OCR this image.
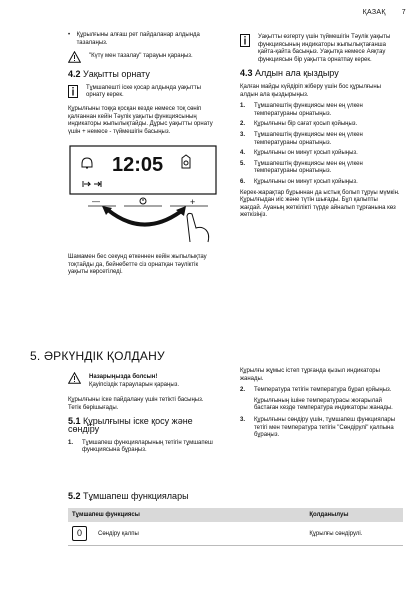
ҚАЗАҚ 7
• Құрылғыны алғаш рет пайдаланар алдында тазалаңыз.
"Күтү мен тазалау" тарауын қараңыз.
4.2 Уақытты орнату
Тұмшапешті іске қосар алдында уақытты орнату керек.

Құрылғыны тоққа қосқан кезде немесе тоқ сөніп қалғаннан кейін Тәулік уақыты функциясының индикаторы жыпылықтайды. Дұрыс уақытты орнату үшін + немесе - түймешігін басыңыз.

12:05
—	+

Шамамен бес секунд өткеннен кейін жыпылықтау тоқтайды да, бейнебетте сіз орнатқан тәуліктік уақыты көрсетіледі.

Уақытты өзгерту үшін түймешігін Тәулік уақыты функциясының индикаторы жыпылықтағанша қайта-қайта басыңыз. Уақытқа немесе Аяқтау функциясын бір уақытта орнатпау керек.
4.3 Алдын ала қыздыру

Қалған майды күйдіріп жіберу үшін бос құрылғыны алдын ала қыздырыңыз.

1.	Тұмшапештің функциясы мен ең үлкен температураны орнатыңыз.
2.	Құрылғыны бір сағат қосып қойыңыз.
3.	Тұмшапештің функциясы мен ең үлкен температураны орнатыңыз.
4.	Құрылғыны он минут қосып қойыңыз.
5.	Тұмшапештің функциясы мен ең үлкен температураны орнатыңыз.
6.	Құрылғыны он минут қосып қойыңыз.

Керек-жарақтар бұрыннан да ыстық болып тұруы мүмкін. Құрылғыдан иіс және түтін шығады. Бұл қалыпты жағдай. Ауаның жеткілікті түрде айналып тұрғанына көз жеткізіңіз.

5. ӘРКҮНДІК ҚОЛДАНУ
Назарыңызда болсын!
Қауіпсіздік тарауларын қараңыз.

Құрылғыны іске пайдалану үшін тетікті басыңыз. Тетік бөрішығады.

5.1 Құрылғыны іске қосу және сөндіру
1.	Тұмшапеш функцияларының тетігін тұмшапеш функциясына бұраңыз.

Құрылғы жұмыс істеп тұрғанда қызыл индикаторы жанады.

2.	Температура тетігін температура бұрап қойыңыз.

Құрылғының ішіне температурасы жоғарылай бастаған кезде температура индикаторы жанады.

3.	Құрылғыны сөндіру үшін, тұмшапеш функциялары тетігі мен температура тетігін "Сөндірулі" қалпына бұраңыз.
5.2 Тұмшапеш функциялары
Тұмшапеш функциясы		Қолданылуы

0	Сөндіру қалпы	Құрылғы сөндірулі.
